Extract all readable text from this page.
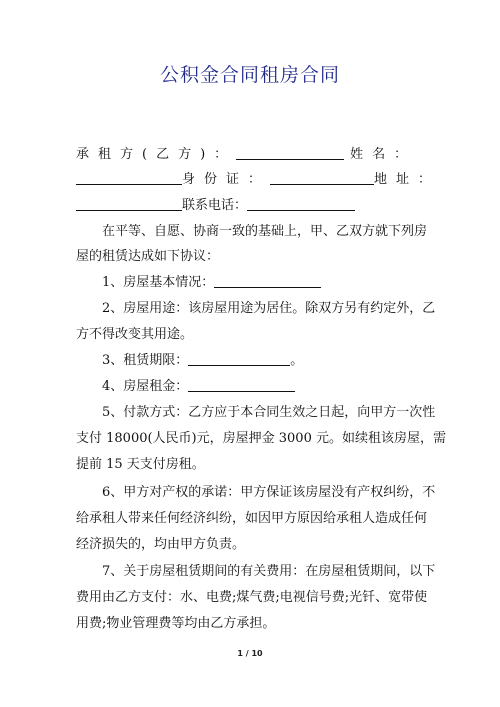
公积金合同租房合同
承租方(乙方)：	姓名：
身份证：	地址：
联系电话：
在平等、自愿、协商一致的基础上，甲、乙双方就下列房
屋的租赁达成如下协议：
1、房屋基本情况：
2、房屋用途：该房屋用途为居住。除双方另有约定外，乙
方不得改变其用途。
3、租赁期限：	。
4、房屋租金：
5、付款方式：乙方应于本合同生效之日起，向甲方一次性
支付 18000(人民币)元，房屋押金 3000 元。如续租该房屋，需
提前 15 天支付房租。
6、甲方对产权的承诺：甲方保证该房屋没有产权纠纷，不
给承租人带来任何经济纠纷，如因甲方原因给承租人造成任何
经济损失的，均由甲方负责。
7、关于房屋租赁期间的有关费用：在房屋租赁期间，以下
费用由乙方支付：水、电费;煤气费;电视信号费;光钎、宽带使
用费;物业管理费等均由乙方承担。
1 / 10
